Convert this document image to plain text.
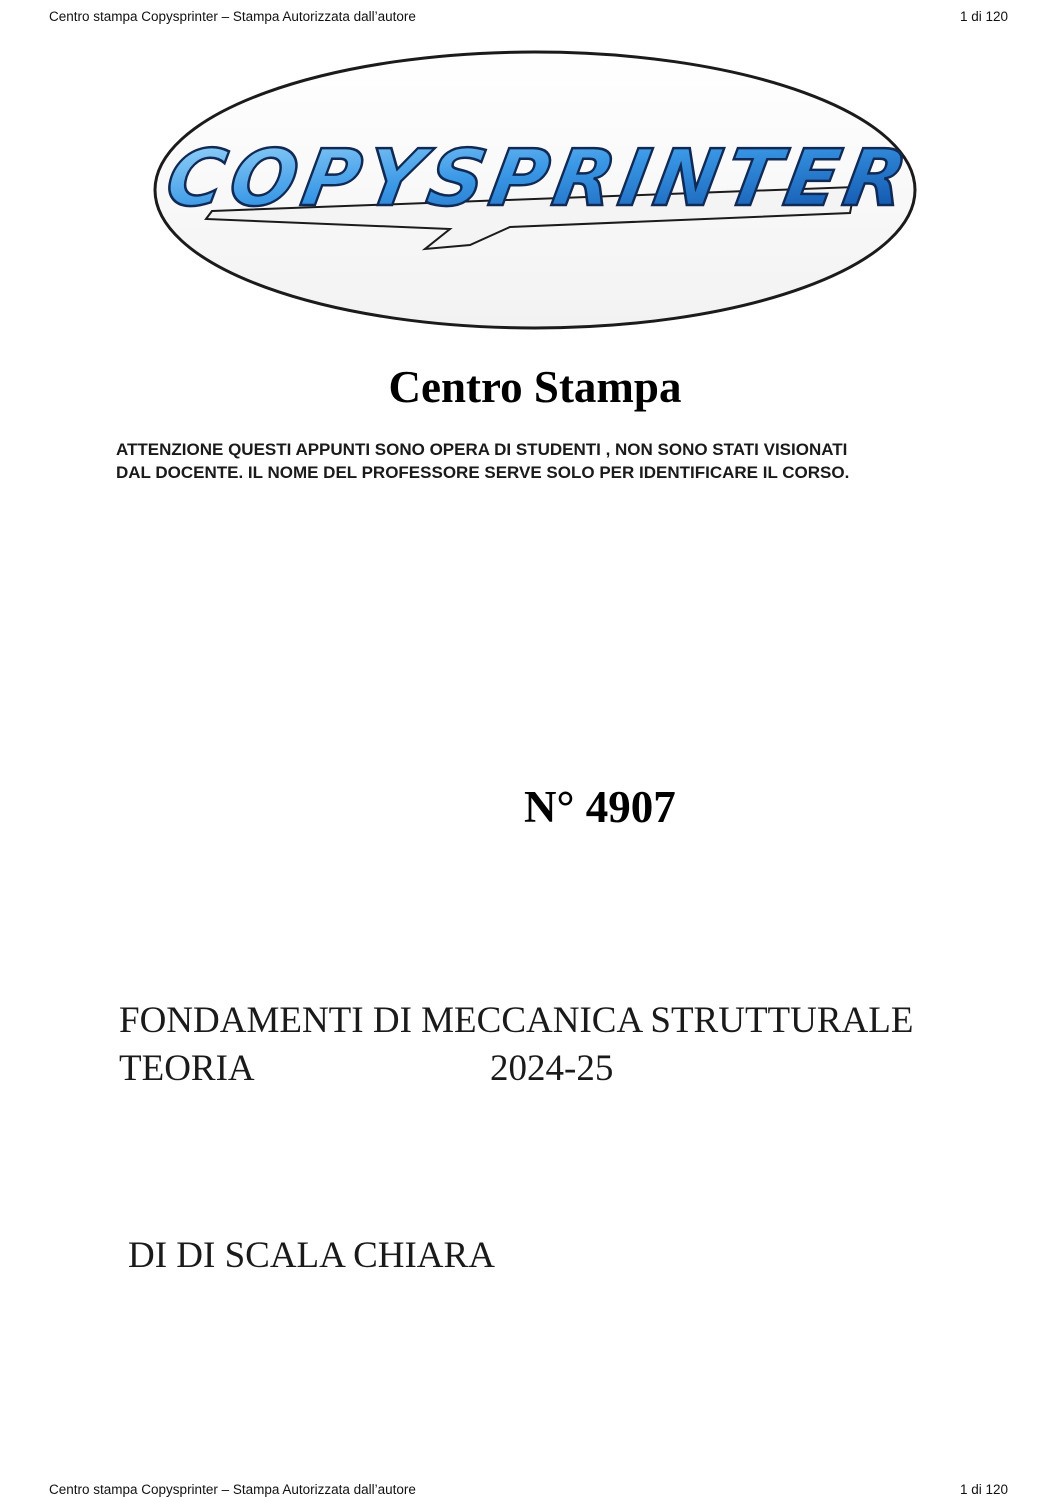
Centro stampa Copysprinter – Stampa Autorizzata dall’autore	1 di 120
COPYSPRINTER
Centro Stampa
ATTENZIONE QUESTI APPUNTI SONO OPERA DI STUDENTI , NON SONO STATI VISIONATI
DAL DOCENTE. IL NOME DEL PROFESSORE SERVE SOLO PER IDENTIFICARE IL CORSO.
N° 4907
FONDAMENTI DI MECCANICA STRUTTURALE
TEORIA	2024-25
DI DI SCALA CHIARA
Centro stampa Copysprinter – Stampa Autorizzata dall’autore	1 di 120
